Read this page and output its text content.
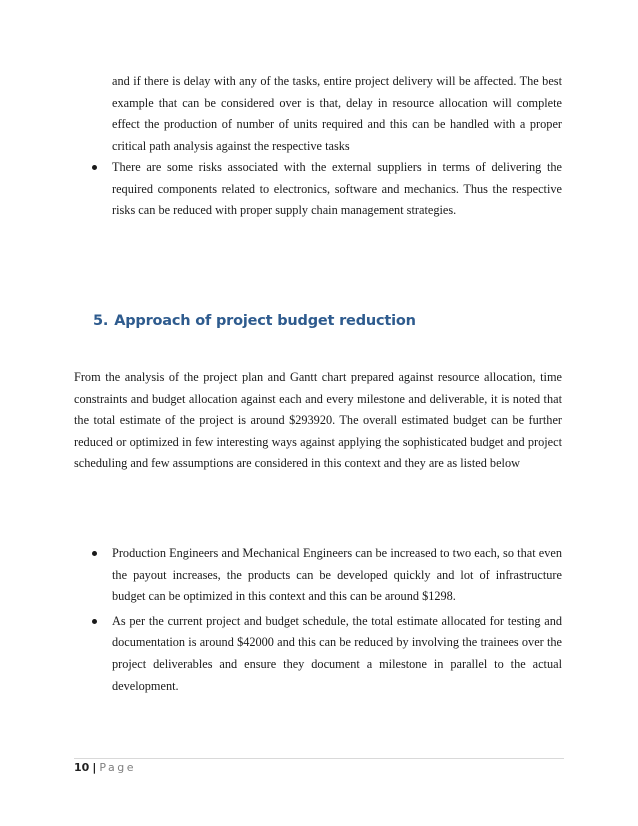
and if there is delay with any of the tasks, entire project delivery will be affected. The best example that can be considered over is that, delay in resource allocation will complete effect the production of number of units required and this can be handled with a proper critical path analysis against the respective tasks

There are some risks associated with the external suppliers in terms of delivering the required components related to electronics, software and mechanics. Thus the respective risks can be reduced with proper supply chain management strategies.
5. Approach of project budget reduction

From the analysis of the project plan and Gantt chart prepared against resource allocation, time constraints and budget allocation against each and every milestone and deliverable, it is noted that the total estimate of the project is around $293920. The overall estimated budget can be further reduced or optimized in few interesting ways against applying the sophisticated budget and project scheduling and few assumptions are considered in this context and they are as listed below

Production Engineers and Mechanical Engineers can be increased to two each, so that even the payout increases, the products can be developed quickly and lot of infrastructure budget can be optimized in this context and this can be around $1298.
As per the current project and budget schedule, the total estimate allocated for testing and documentation is around $42000 and this can be reduced by involving the trainees over the project deliverables and ensure they document a milestone in parallel to the actual development.
10 | Page
